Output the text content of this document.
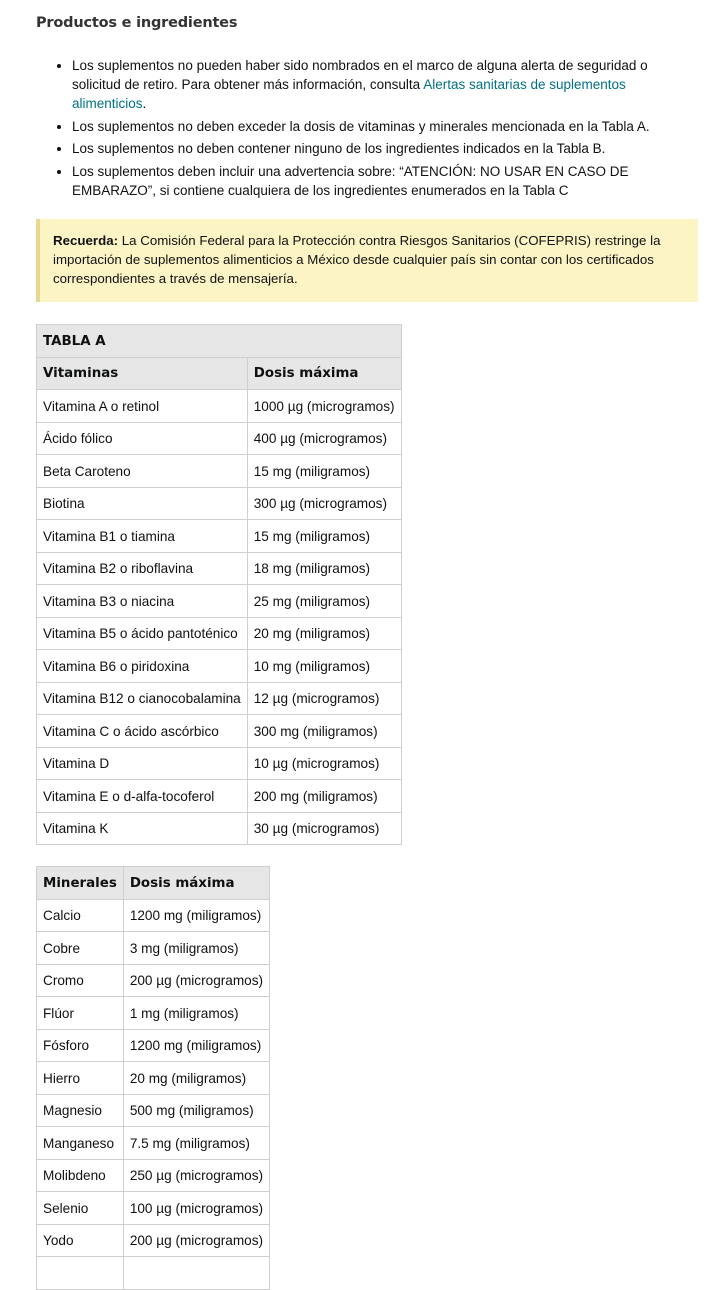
Productos e ingredientes
• Los suplementos no pueden haber sido nombrados en el marco de alguna alerta de seguridad o solicitud de retiro. Para obtener más información, consulta Alertas sanitarias de suplementos alimenticios.
• Los suplementos no deben exceder la dosis de vitaminas y minerales mencionada en la Tabla A.
• Los suplementos no deben contener ninguno de los ingredientes indicados en la Tabla B.
• Los suplementos deben incluir una advertencia sobre: “ATENCIÓN: NO USAR EN CASO DE EMBARAZO”, si contiene cualquiera de los ingredientes enumerados en la Tabla C
Recuerda: La Comisión Federal para la Protección contra Riesgos Sanitarios (COFEPRIS) restringe la importación de suplementos alimenticios a México desde cualquier país sin contar con los certificados correspondientes a través de mensajería.
TABLA A	
Vitaminas	Dosis máxima
Vitamina A o retinol	1000 µg (microgramos)
Ácido fólico	400 µg (microgramos)
Beta Caroteno	15 mg (miligramos)
Biotina	300 µg (microgramos)
Vitamina B1 o tiamina	15 mg (miligramos)
Vitamina B2 o riboflavina	18 mg (miligramos)
Vitamina B3 o niacina	25 mg (miligramos)
Vitamina B5 o ácido pantoténico	20 mg (miligramos)
Vitamina B6 o piridoxina	10 mg (miligramos)
Vitamina B12 o cianocobalamina	12 µg (microgramos)
Vitamina C o ácido ascórbico	300 mg (miligramos)
Vitamina D	10 µg (microgramos)
Vitamina E o d-alfa-tocoferol	200 mg (miligramos)
Vitamina K	30 µg (microgramos)
Minerales	Dosis máxima
Calcio	1200 mg (miligramos)
Cobre	3 mg (miligramos)
Cromo	200 µg (microgramos)
Flúor	1 mg (miligramos)
Fósforo	1200 mg (miligramos)
Hierro	20 mg (miligramos)
Magnesio	500 mg (miligramos)
Manganeso	7.5 mg (miligramos)
Molibdeno	250 µg (microgramos)
Selenio	100 µg (microgramos)
Yodo	200 µg (microgramos)
